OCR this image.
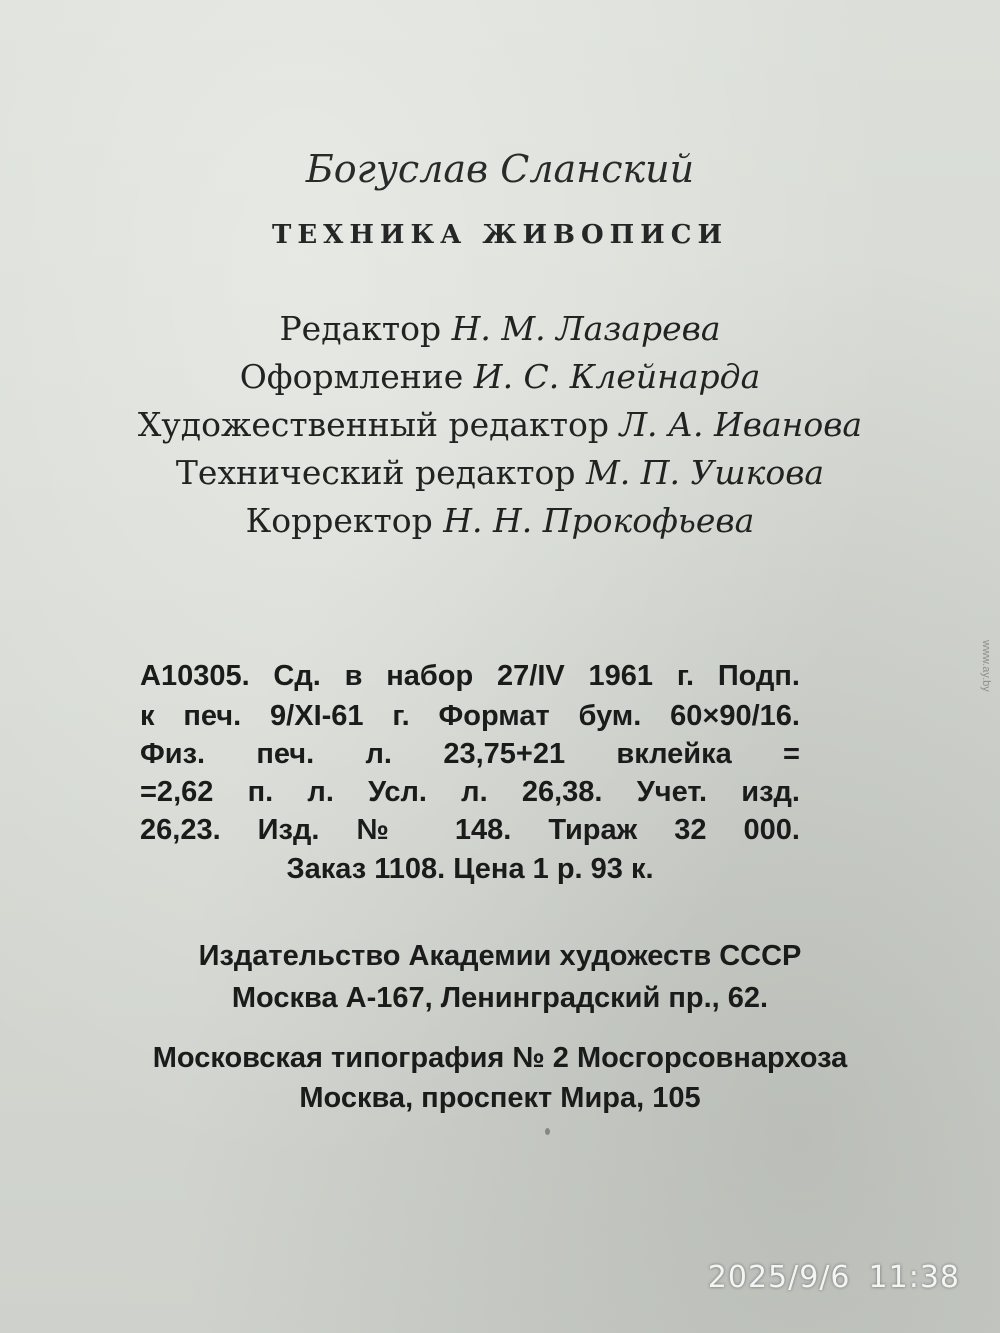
Богуслав Сланский
ТЕХНИКА ЖИВОПИСИ
Редактор Н. М. Лазарева
Оформление И. С. Клейнарда
Художественный редактор Л. А. Иванова
Технический редактор М. П. Ушкова
Корректор Н. Н. Прокофьева
А10305. Сд. в набор 27/IV 1961 г. Подп.
к печ. 9/XI-61 г. Формат бум. 60×90/16.
Физ. печ. л. 23,75+21 вклейка =
=2,62 п. л. Усл. л. 26,38. Учет. изд.
26,23. Изд. № 148. Тираж 32 000.
Заказ 1108. Цена 1 р. 93 к.
Издательство Академии художеств СССР
Москва А-167, Ленинградский пр., 62.
Московская типография № 2 Мосгорсовнархоза
Москва, проспект Мира, 105
www.ay.by
2025/9/6 11:38
